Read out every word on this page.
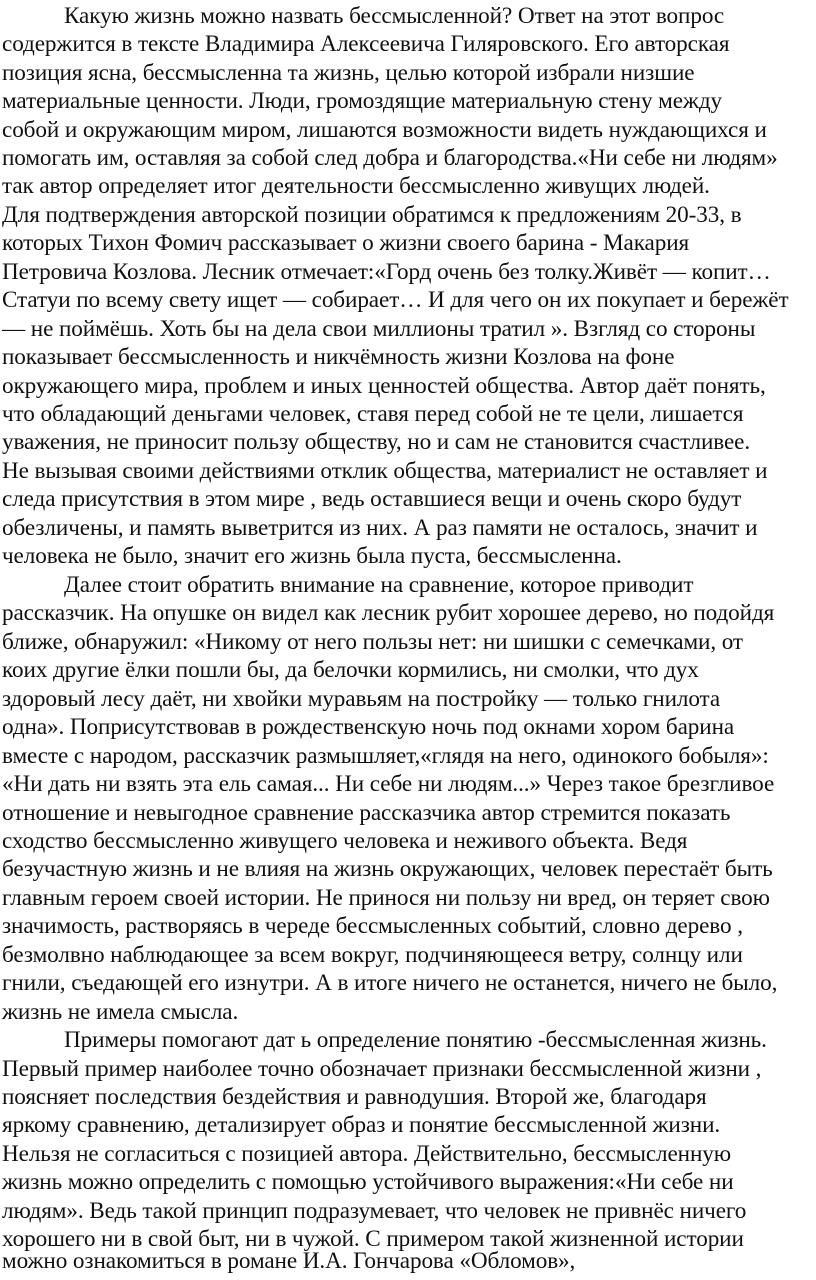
Какую жизнь можно назвать бессмысленной? Ответ на этот вопрос
содержится в тексте Владимира Алексеевича Гиляровского. Его авторская
позиция ясна, бессмысленна та жизнь, целью которой избрали низшие
материальные ценности. Люди, громоздящие материальную стену между
собой и окружающим миром, лишаются возможности видеть нуждающихся и
помогать им, оставляя за собой след добра и благородства.«Ни себе ни людям»
так автор определяет итог деятельности бессмысленно живущих людей.
Для подтверждения авторской позиции обратимся к предложениям 20-33, в
которых Тихон Фомич рассказывает о жизни своего барина - Макария
Петровича Козлова. Лесник отмечает:«Горд очень без толку.Живёт — копит…
Статуи по всему свету ищет — собирает… И для чего он их покупает и бережёт
— не поймёшь. Хоть бы на дела свои миллионы тратил ». Взгляд со стороны
показывает бессмысленность и никчёмность жизни Козлова на фоне
окружающего мира, проблем и иных ценностей общества. Автор даёт понять,
что обладающий деньгами человек, ставя перед собой не те цели, лишается
уважения, не приносит пользу обществу, но и сам не становится счастливее.
Не вызывая своими действиями отклик общества, материалист не оставляет и
следа присутствия в этом мире , ведь оставшиеся вещи и очень скоро будут
обезличены, и память выветрится из них. А раз памяти не осталось, значит и
человека не было, значит его жизнь была пуста, бессмысленна.
Далее стоит обратить внимание на сравнение, которое приводит
рассказчик. На опушке он видел как лесник рубит хорошее дерево, но подойдя
ближе, обнаружил: «Никому от него пользы нет: ни шишки с семечками, от
коих другие ёлки пошли бы, да белочки кормились, ни смолки, что дух
здоровый лесу даёт, ни хвойки муравьям на постройку — только гнилота
одна». Поприсутствовав в рождественскую ночь под окнами хором барина
вместе с народом, рассказчик размышляет,«глядя на него, одинокого бобыля»:
«Ни дать ни взять эта ель самая... Ни себе ни людям...» Через такое брезгливое
отношение и невыгодное сравнение рассказчика автор стремится показать
сходство бессмысленно живущего человека и неживого объекта. Ведя
безучастную жизнь и не влияя на жизнь окружающих, человек перестаёт быть
главным героем своей истории. Не принося ни пользу ни вред, он теряет свою
значимость, растворяясь в череде бессмысленных событий, словно дерево ,
безмолвно наблюдающее за всем вокруг, подчиняющееся ветру, солнцу или
гнили, съедающей его изнутри. А в итоге ничего не останется, ничего не было,
жизнь не имела смысла.
Примеры помогают дат ь определение понятию -бессмысленная жизнь.
Первый пример наиболее точно обозначает признаки бессмысленной жизни ,
поясняет последствия бездействия и равнодушия. Второй же, благодаря
яркому сравнению, детализирует образ и понятие бессмысленной жизни.
Нельзя не согласиться с позицией автора. Действительно, бессмысленную
жизнь можно определить с помощью устойчивого выражения:«Ни себе ни
людям». Ведь такой принцип подразумевает, что человек не привнёс ничего
хорошего ни в свой быт, ни в чужой. С примером такой жизненной истории
можно ознакомиться в романе И.А. Гончарова «Обломов»,
